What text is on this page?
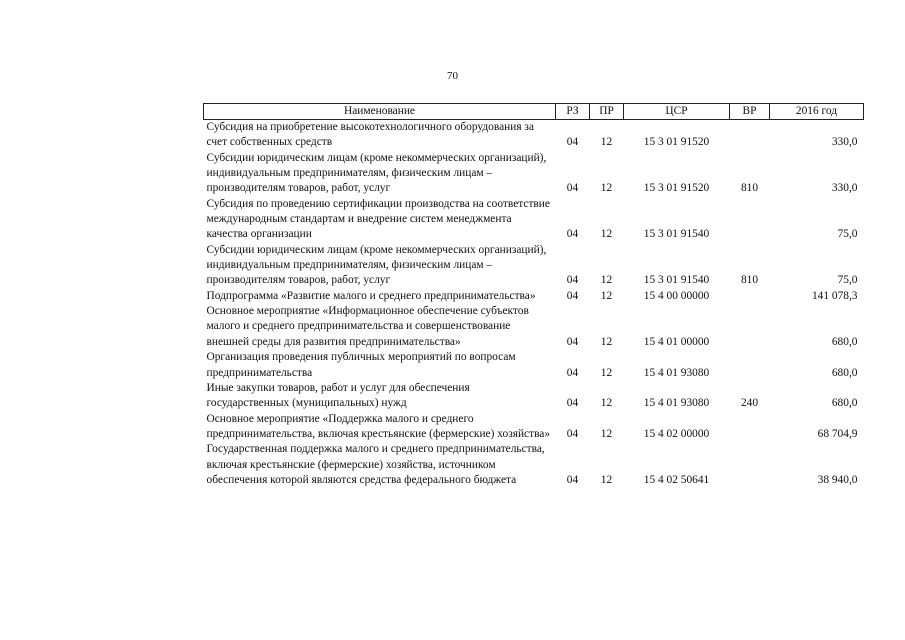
70
Наименование	РЗ	ПР	ЦСР	ВР	2016 год
Субсидия на приобретение высокотехнологичного оборудования за счет собственных средств	04	12	15 3 01 91520		330,0
Субсидии юридическим лицам (кроме некоммерческих организаций), индивидуальным предпринимателям, физическим лицам – производителям товаров, работ, услуг	04	12	15 3 01 91520	810	330,0
Субсидия по проведению сертификации производства на соответствие международным стандартам и внедрение систем менеджмента качества организации	04	12	15 3 01 91540		75,0
Субсидии юридическим лицам (кроме некоммерческих организаций), индивидуальным предпринимателям, физическим лицам – производителям товаров, работ, услуг	04	12	15 3 01 91540	810	75,0
Подпрограмма «Развитие малого и среднего предпринимательства»	04	12	15 4 00 00000		141 078,3
Основное мероприятие «Информационное обеспечение субъектов малого и среднего предпринимательства и совершенствование внешней среды для развития предпринимательства»	04	12	15 4 01 00000		680,0
Организация проведения публичных мероприятий по вопросам предпринимательства	04	12	15 4 01 93080		680,0
Иные закупки товаров, работ и услуг для обеспечения государственных (муниципальных) нужд	04	12	15 4 01 93080	240	680,0
Основное мероприятие «Поддержка малого и среднего предпринимательства, включая крестьянские (фермерские) хозяйства»	04	12	15 4 02 00000		68 704,9
Государственная поддержка малого и среднего предпринимательства, включая крестьянские (фермерские) хозяйства, источником обеспечения которой являются средства федерального бюджета	04	12	15 4 02 50641		38 940,0
